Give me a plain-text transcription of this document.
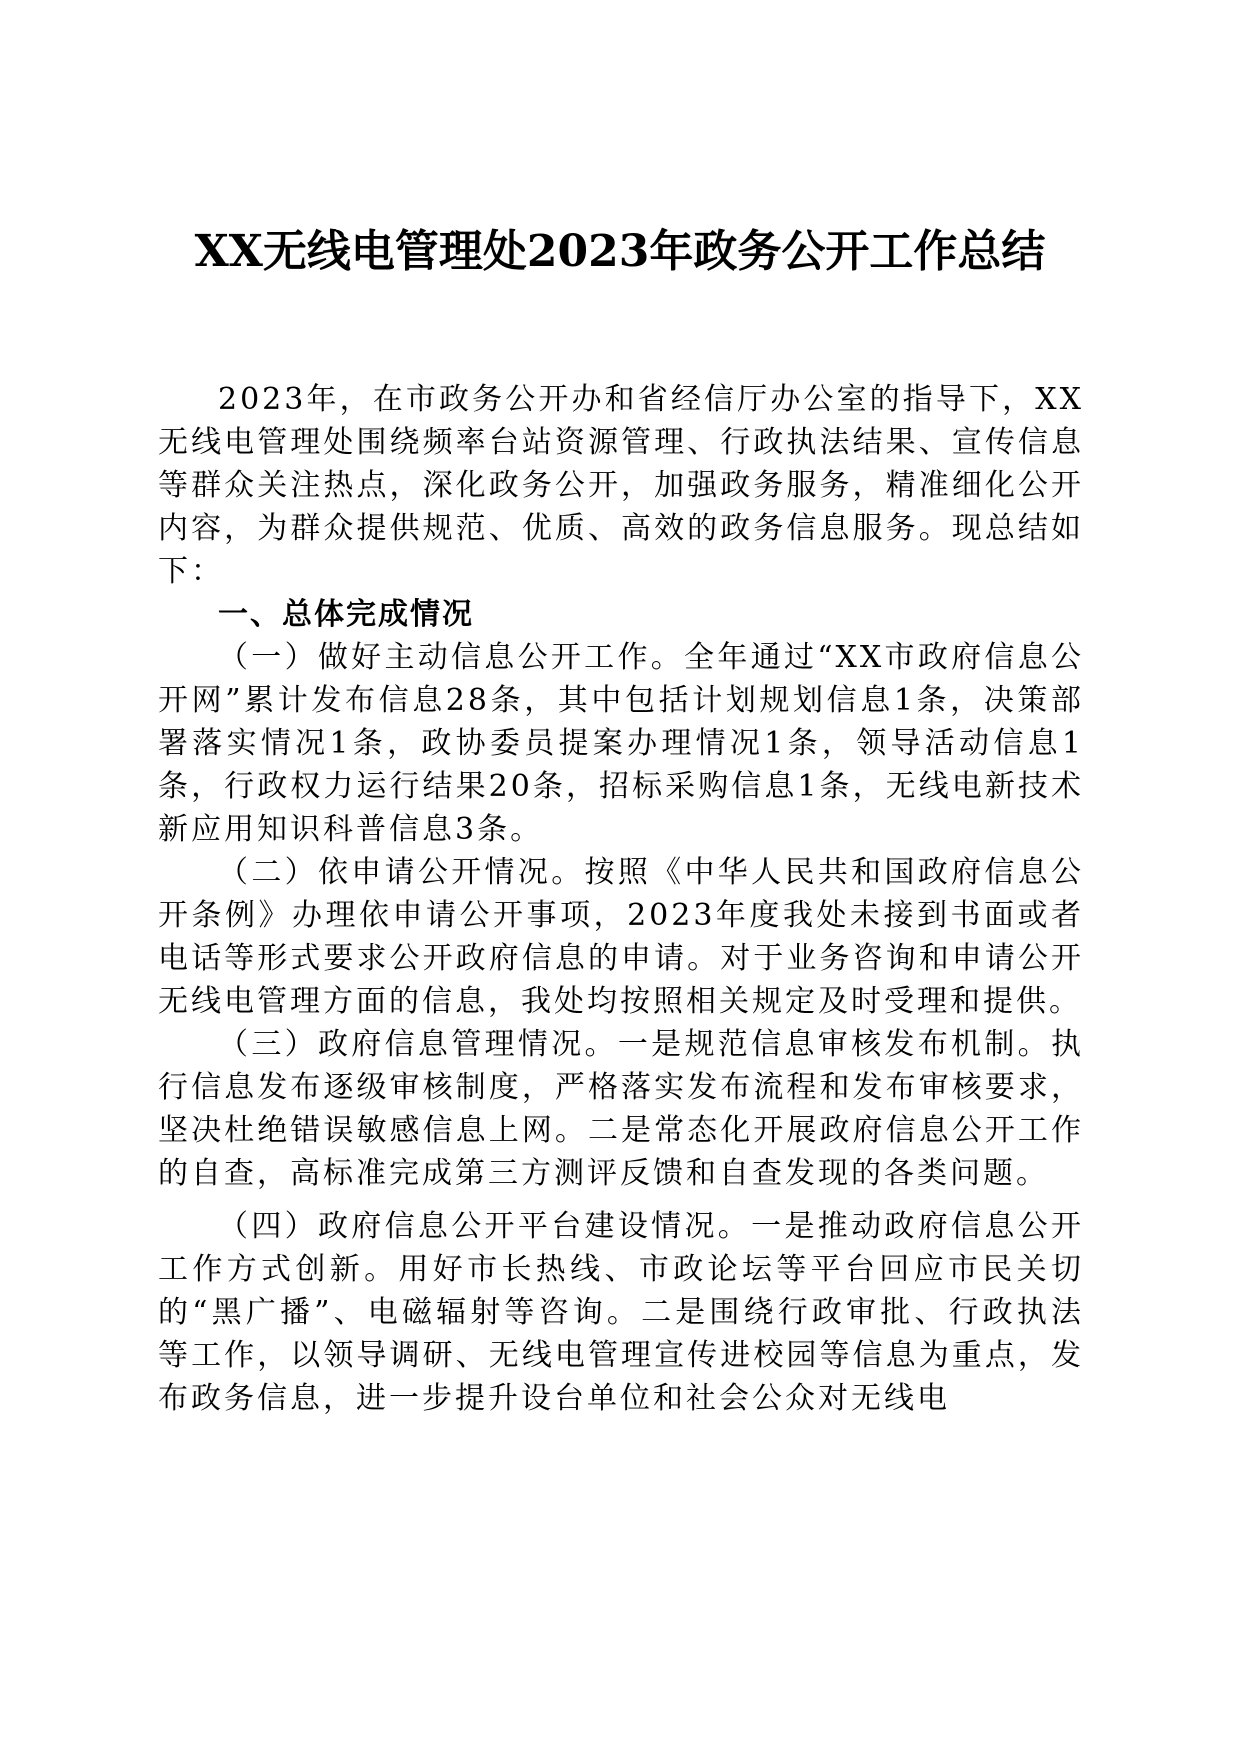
XX无线电管理处2023年政务公开工作总结

2023年，在市政务公开办和省经信厅办公室的指导下，XX无线电管理处围绕频率台站资源管理、行政执法结果、宣传信息等群众关注热点，深化政务公开，加强政务服务，精准细化公开内容，为群众提供规范、优质、高效的政务信息服务。现总结如下：

一、总体完成情况

（一）做好主动信息公开工作。全年通过“XX市政府信息公开网”累计发布信息28条，其中包括计划规划信息1条，决策部署落实情况1条，政协委员提案办理情况1条，领导活动信息1条，行政权力运行结果20条，招标采购信息1条，无线电新技术新应用知识科普信息3条。

（二）依申请公开情况。按照《中华人民共和国政府信息公开条例》办理依申请公开事项，2023年度我处未接到书面或者电话等形式要求公开政府信息的申请。对于业务咨询和申请公开无线电管理方面的信息，我处均按照相关规定及时受理和提供。

（三）政府信息管理情况。一是规范信息审核发布机制。执行信息发布逐级审核制度，严格落实发布流程和发布审核要求，坚决杜绝错误敏感信息上网。二是常态化开展政府信息公开工作的自查，高标准完成第三方测评反馈和自查发现的各类问题。

（四）政府信息公开平台建设情况。一是推动政府信息公开工作方式创新。用好市长热线、市政论坛等平台回应市民关切的“黑广播”、电磁辐射等咨询。二是围绕行政审批、行政执法等工作，以领导调研、无线电管理宣传进校园等信息为重点，发布政务信息，进一步提升设台单位和社会公众对无线电
